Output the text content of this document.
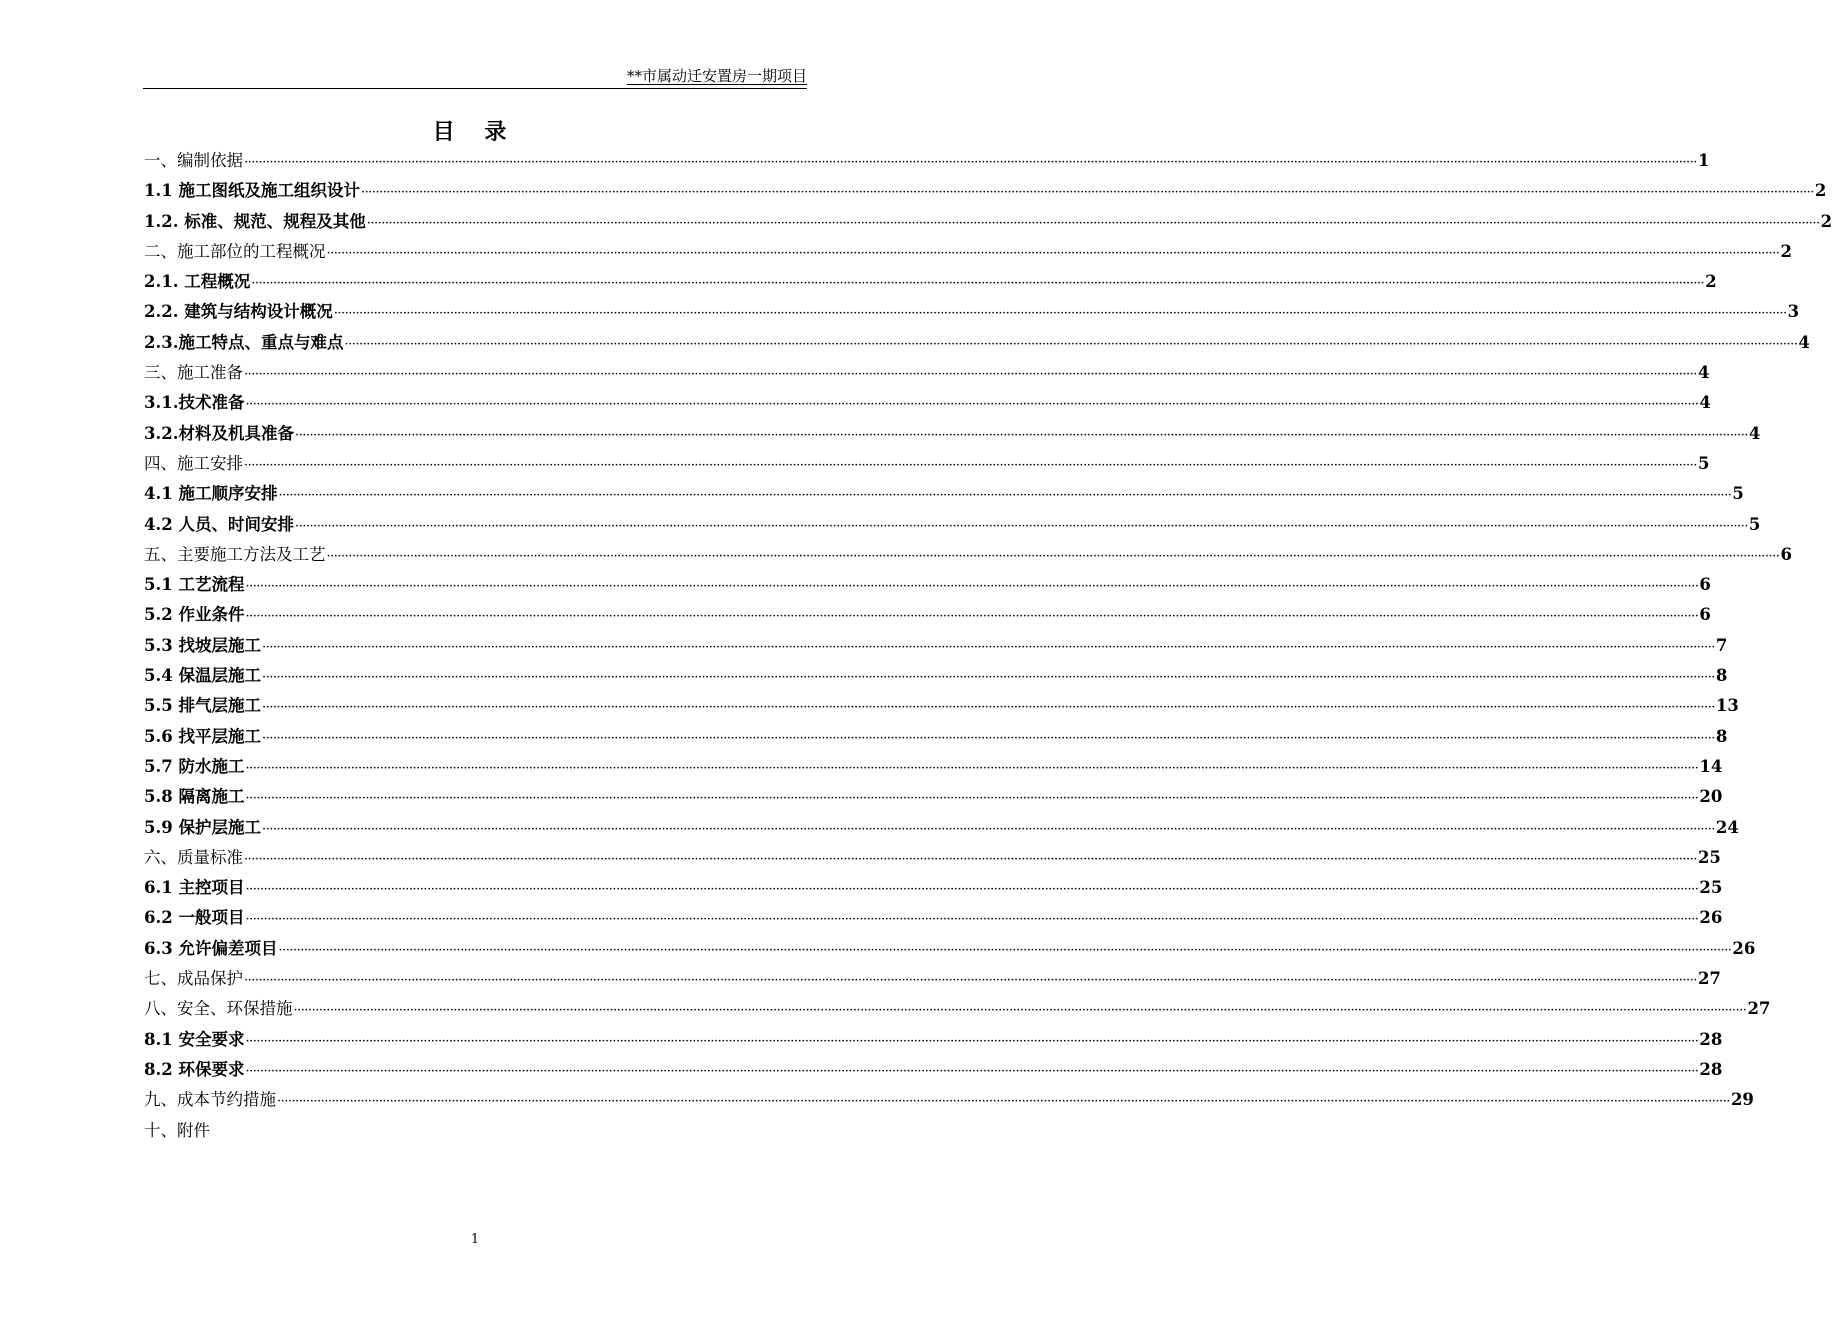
**市属动迁安置房一期项目
目 录
一、编制依据 ················································································································································································································································································································································································································ 1
1.1 施工图纸及施工组织设计 ················································································································································································································································································································································································································ 2
1.2. 标准、规范、规程及其他 ················································································································································································································································································································································································································ 2
二、施工部位的工程概况 ················································································································································································································································································································································································································ 2
2.1. 工程概况 ················································································································································································································································································································································································································ 2
2.2. 建筑与结构设计概况 ················································································································································································································································································································································································································ 3
2.3.施工特点、重点与难点 ················································································································································································································································································································································································································ 4
三、施工准备 ················································································································································································································································································································································································································ 4
3.1.技术准备 ················································································································································································································································································································································································································ 4
3.2.材料及机具准备 ················································································································································································································································································································································································································ 4
四、施工安排 ················································································································································································································································································································································································································ 5
4.1 施工顺序安排 ················································································································································································································································································································································································································ 5
4.2 人员、时间安排 ················································································································································································································································································································································································································ 5
五、主要施工方法及工艺 ················································································································································································································································································································································································································ 6
5.1 工艺流程 ················································································································································································································································································································································································································ 6
5.2 作业条件 ················································································································································································································································································································································································································ 6
5.3 找坡层施工 ················································································································································································································································································································································································································ 7
5.4 保温层施工 ················································································································································································································································································································································································································ 8
5.5 排气层施工 ················································································································································································································································································································································································································ 13
5.6 找平层施工 ················································································································································································································································································································································································································ 8
5.7 防水施工 ················································································································································································································································································································································································································ 14
5.8 隔离施工 ················································································································································································································································································································································································································ 20
5.9 保护层施工 ················································································································································································································································································································································································································ 24
六、质量标准 ················································································································································································································································································································································································································ 25
6.1 主控项目 ················································································································································································································································································································································································································ 25
6.2 一般项目 ················································································································································································································································································································································································································ 26
6.3 允许偏差项目 ················································································································································································································································································································································································································ 26
七、成品保护 ················································································································································································································································································································································································································ 27
八、安全、环保措施 ················································································································································································································································································································································································································ 27
8.1 安全要求 ················································································································································································································································································································································································································ 28
8.2 环保要求 ················································································································································································································································································································································································································ 28
九、成本节约措施 ················································································································································································································································································································································································································ 29
十、附件
1
